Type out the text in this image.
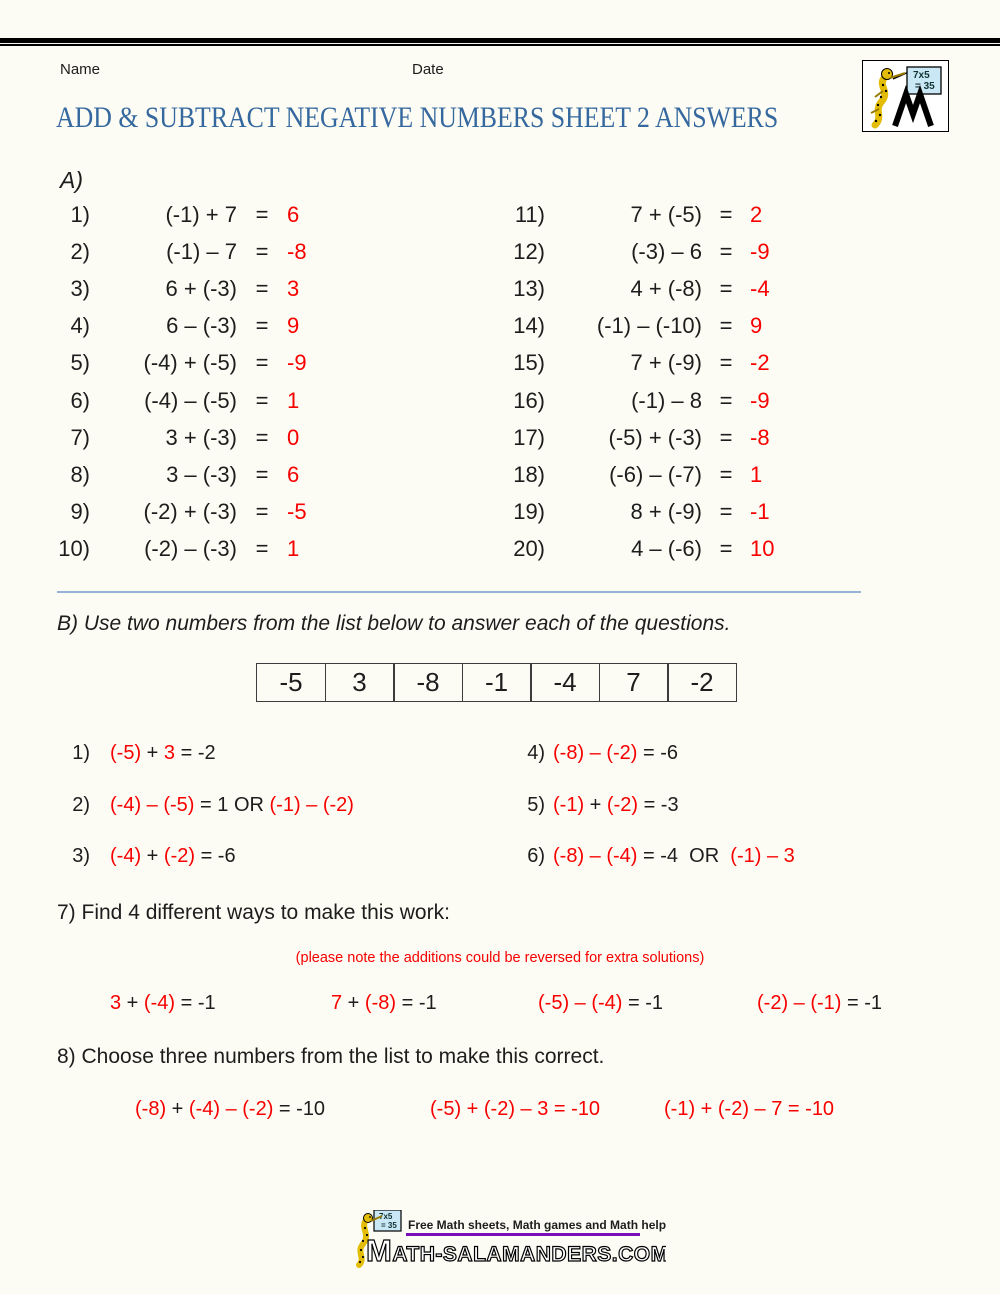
Name	Date	7x5
= 35
ADD & SUBTRACT NEGATIVE NUMBERS SHEET 2 ANSWERS
A)
1)	(-1) + 7 = 6
2)	(-1) – 7 = -8
3)	6 + (-3) = 3
4)	6 – (-3) = 9
5)	(-4) + (-5) = -9
6)	(-4) – (-5) = 1
7)	3 + (-3) = 0
8)	3 – (-3) = 6
9)	(-2) + (-3) = -5
10)	(-2) – (-3) = 1
11)	7 + (-5) = 2
12)	(-3) – 6 = -9
13)	4 + (-8) = -4
14)	(-1) – (-10) = 9
15)	7 + (-9) = -2
16)	(-1) – 8 = -9
17)	(-5) + (-3) = -8
18)	(-6) – (-7) = 1
19)	8 + (-9) = -1
20)	4 – (-6) = 10
B) Use two numbers from the list below to answer each of the questions.
-5	3	-8	-1	-4	7	-2
1)	(-5) + 3 = -2
2)	(-4) – (-5) = 1 OR (-1) – (-2)
3)	(-4) + (-2) = -6
4) (-8) – (-2) = -6
5) (-1) + (-2) = -3
6) (-8) – (-4) = -4  OR  (-1) – 3
7) Find 4 different ways to make this work:
(please note the additions could be reversed for extra solutions)
3 + (-4) = -1	7 + (-8) = -1	(-5) – (-4) = -1	(-2) – (-1) = -1
8) Choose three numbers from the list to make this correct.
(-8) + (-4) – (-2) = -10	(-5) + (-2) – 3 = -10	(-1) + (-2) – 7 = -10
7x5
= 35 Free Math sheets, Math games and Math help
MATH-SALAMANDERS.COM
